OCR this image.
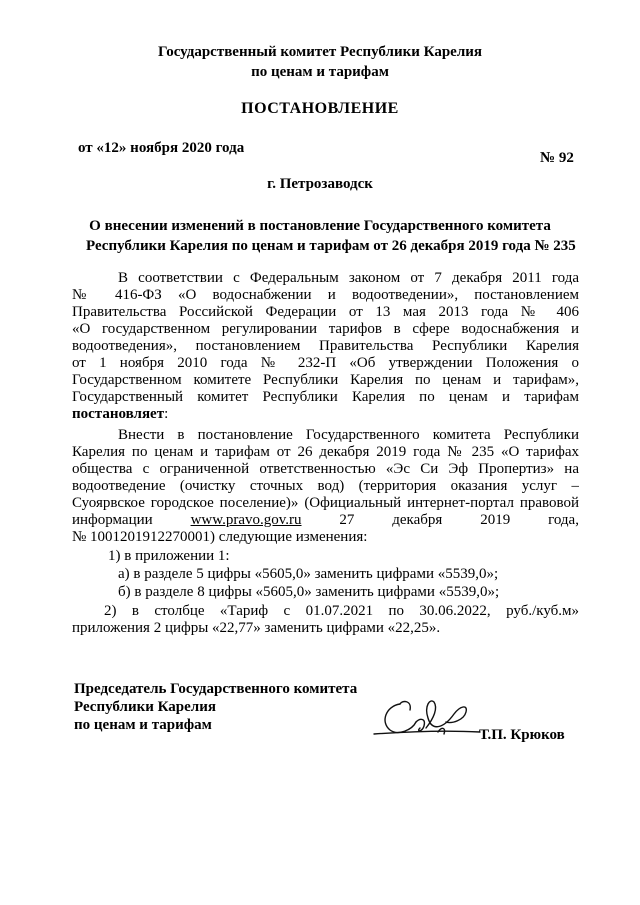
Государственный комитет Республики Карелия
по ценам и тарифам
ПОСТАНОВЛЕНИЕ
от «12» ноября 2020 года
№ 92
г. Петрозаводск
О внесении изменений в постановление Государственного комитета
Республики Карелия по ценам и тарифам от 26 декабря 2019 года № 235
В соответствии с Федеральным законом от 7 декабря 2011 года
№ 416-ФЗ «О водоснабжении и водоотведении», постановлением
Правительства Российской Федерации от 13 мая 2013 года № 406
«О государственном регулировании тарифов в сфере водоснабжения и
водоотведения», постановлением Правительства Республики Карелия
от 1 ноября 2010 года № 232-П «Об утверждении Положения о
Государственном комитете Республики Карелия по ценам и тарифам»,
Государственный комитет Республики Карелия по ценам и тарифам
постановляет:
Внести в постановление Государственного комитета Республики
Карелия по ценам и тарифам от 26 декабря 2019 года № 235 «О тарифах
общества с ограниченной ответственностью «Эс Си Эф Пропертиз» на
водоотведение (очистку сточных вод) (территория оказания услуг –
Суоярвское городское поселение)» (Официальный интернет-портал правовой
информации	www.pravo.gov.ru	27	декабря	2019	года,
№ 1001201912270001) следующие изменения:
1) в приложении 1:
а) в разделе 5 цифры «5605,0» заменить цифрами «5539,0»;
б) в разделе 8 цифры «5605,0» заменить цифрами «5539,0»;
2) в столбце «Тариф с 01.07.2021 по 30.06.2022, руб./куб.м»
приложения 2 цифры «22,77» заменить цифрами «22,25».
Председатель Государственного комитета
Республики Карелия
по ценам и тарифам
Т.П. Крюков
